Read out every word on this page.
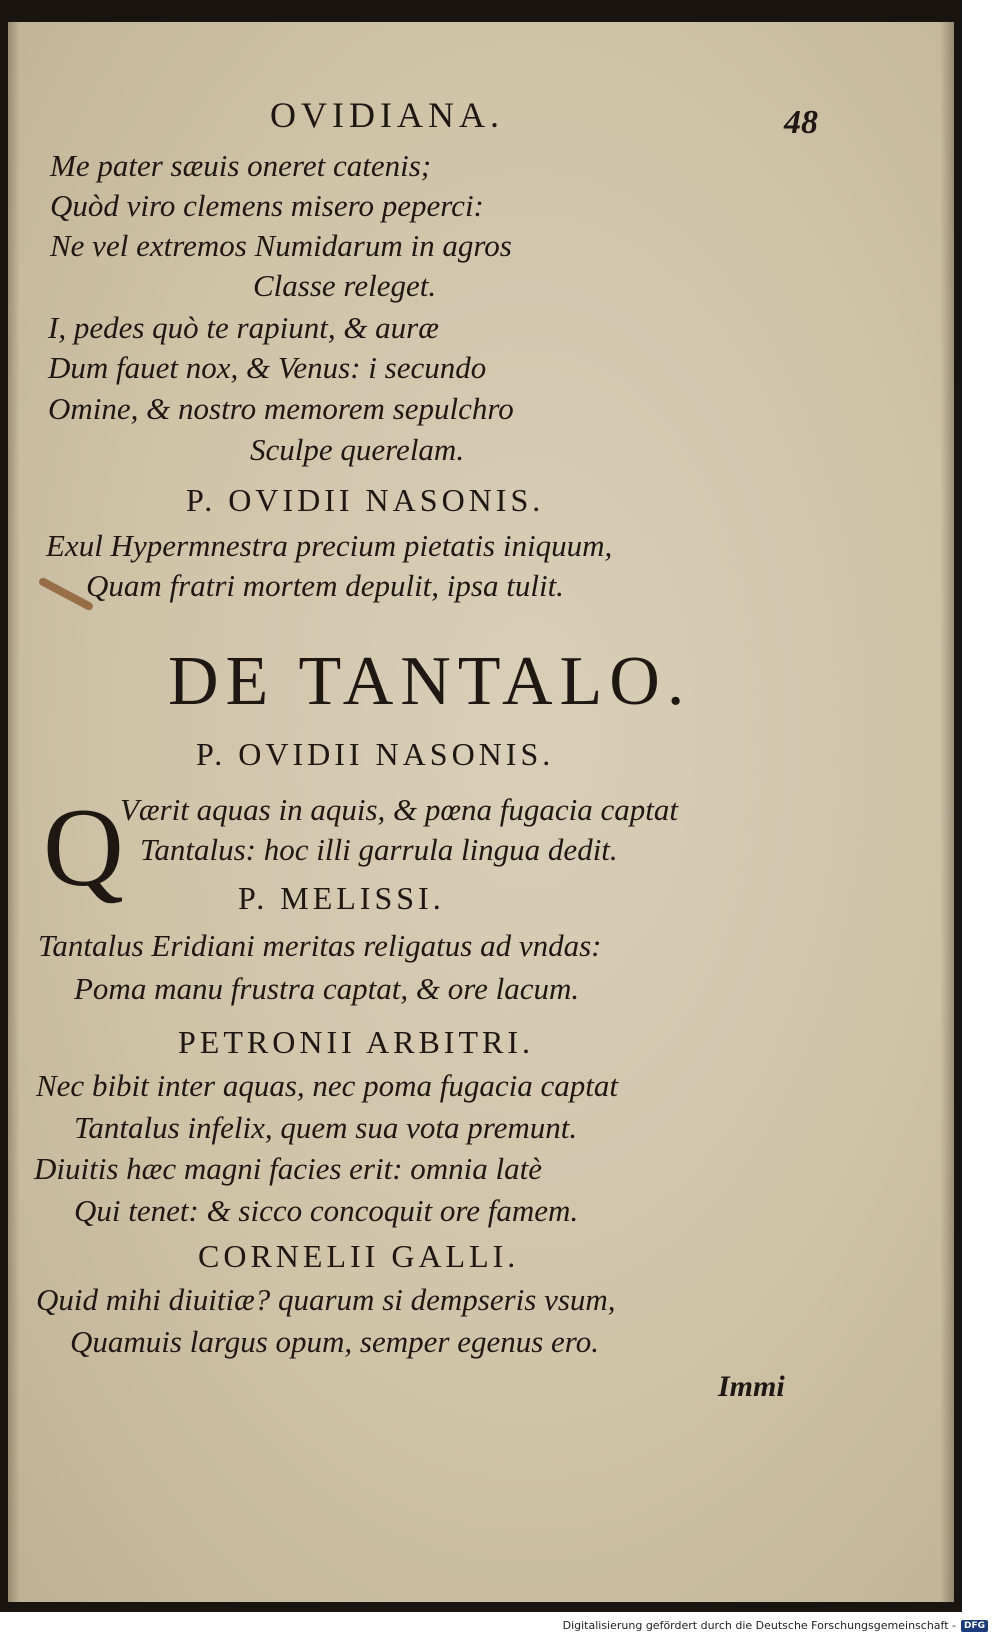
OVIDIANA.	48
Me pater sæuis oneret catenis;
Quòd viro clemens misero peperci:
Ne vel extremos Numidarum in agros
Classe releget.
I, pedes quò te rapiunt, & auræ
Dum fauet nox, & Venus: i secundo
Omine, & nostro memorem sepulchro
Sculpe querelam.
P. OVIDII NASONIS.
Exul Hypermnestra precium pietatis iniquum,
Quam fratri mortem depulit, ipsa tulit.
DE TANTALO.
P. OVIDII NASONIS.
Q
Værit aquas in aquis, & pœna fugacia captat
Tantalus: hoc illi garrula lingua dedit.
P. MELISSI.
Tantalus Eridiani meritas religatus ad vndas:
Poma manu frustra captat, & ore lacum.
PETRONII ARBITRI.
Nec bibit inter aquas, nec poma fugacia captat
Tantalus infelix, quem sua vota premunt.
Diuitis hæc magni facies erit: omnia latè
Qui tenet: & sicco concoquit ore famem.
CORNELII GALLI.
Quid mihi diuitiæ? quarum si dempseris vsum,
Quamuis largus opum, semper egenus ero.
Immi
Digitalisierung gefördert durch die Deutsche Forschungsgemeinschaft - DFG
